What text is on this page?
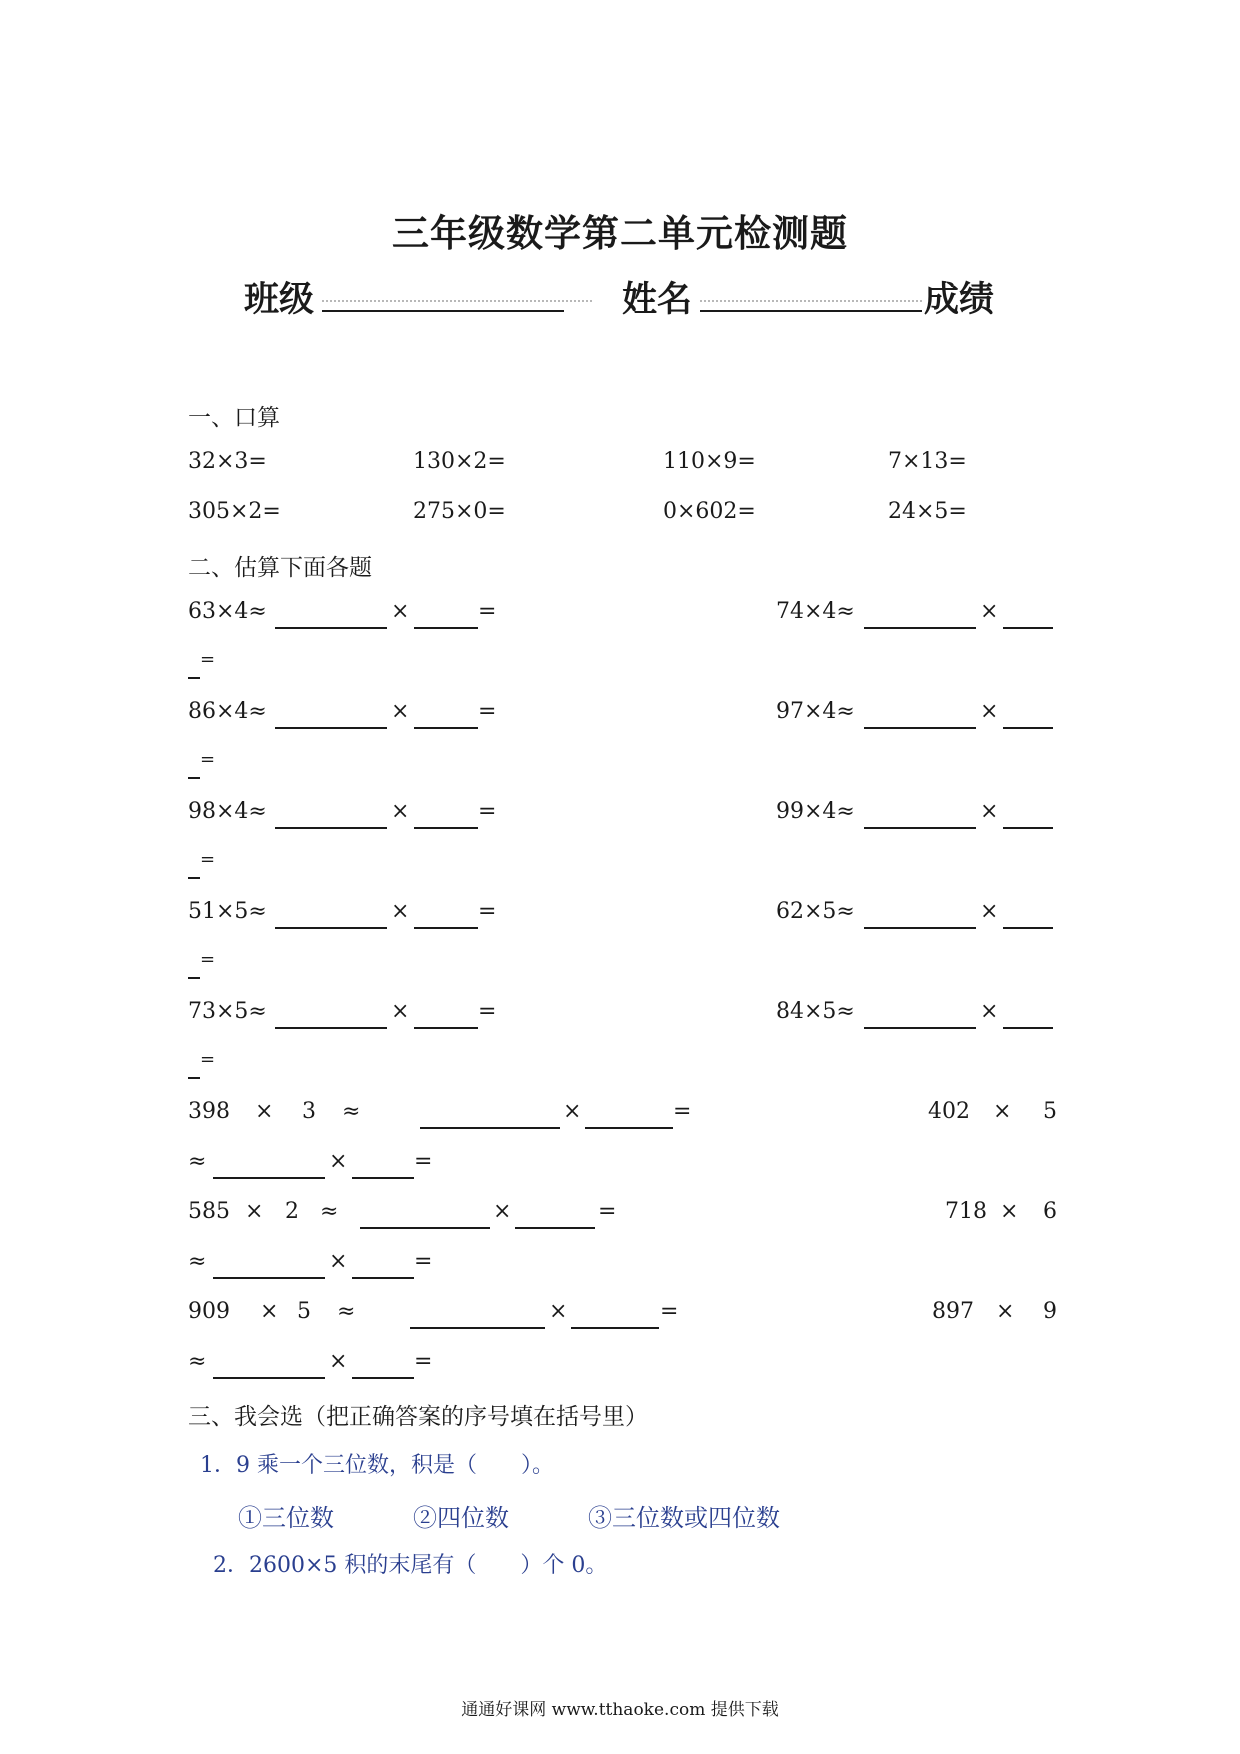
三年级数学第二单元检测题
班级	姓名	成绩
一、口算
32×3=	130×2=	110×9=	7×13=
305×2=	275×0=	0×602=	24×5=
二、估算下面各题
63×4≈	×	=	74×4≈	×
=
86×4≈	×	=	97×4≈	×
=
98×4≈	×	=	99×4≈	×
=
51×5≈	×	=	62×5≈	×
=
73×5≈	×	=	84×5≈	×
=
398 × 3 ≈	×	=	402 × 5
≈	×	=
585 × 2 ≈	×	=	718 × 6
≈	×	=
909 × 5 ≈	×	=	897 × 9
≈	×	=
三、我会选（把正确答案的序号填在括号里）
1．9 乘一个三位数，积是（　　）。
①三位数	②四位数	③三位数或四位数
2．2600×5 积的末尾有（　　）个 0。
通通好课网 www.tthaoke.com 提供下载
